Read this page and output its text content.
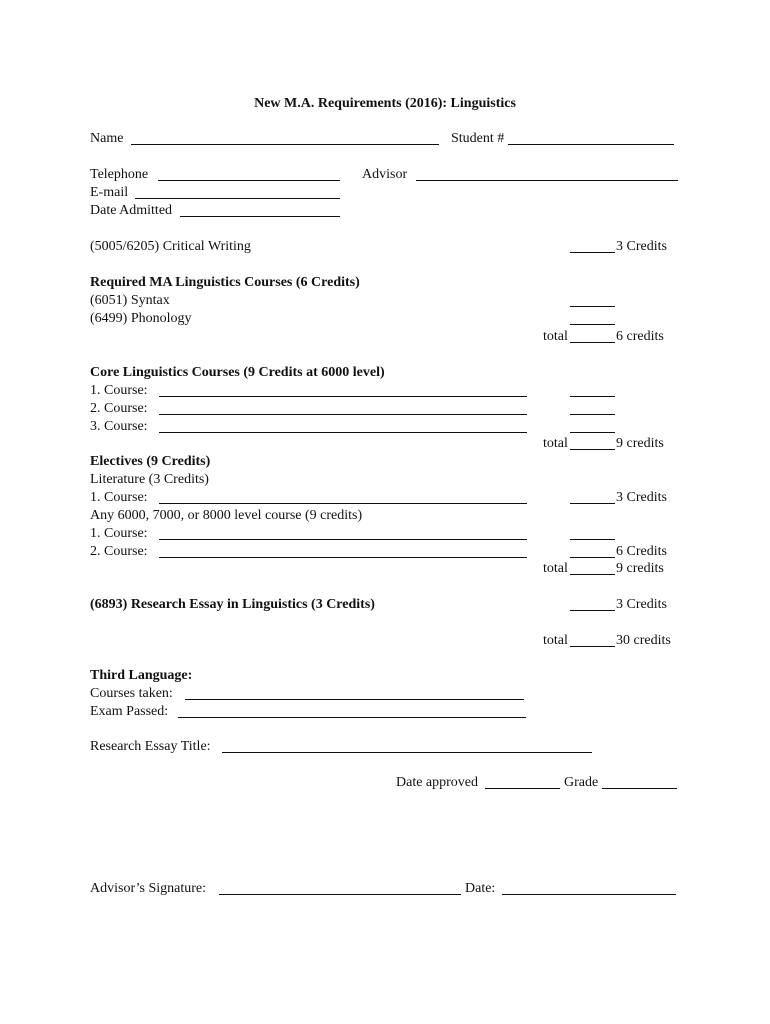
New M.A. Requirements (2016): Linguistics
Name	Student #
Telephone	Advisor
E-mail
Date Admitted
(5005/6205) Critical Writing	3 Credits
Required MA Linguistics Courses (6 Credits)
(6051) Syntax
(6499) Phonology
total	6 credits
Core Linguistics Courses (9 Credits at 6000 level)
1. Course:
2. Course:
3. Course:
total	9 credits
Electives (9 Credits)
Literature (3 Credits)
1. Course:	3 Credits
Any 6000, 7000, or 8000 level course (9 credits)
1. Course:
2. Course:	6 Credits
total	9 credits
(6893) Research Essay in Linguistics (3 Credits)	3 Credits
total	30 credits
Third Language:
Courses taken:
Exam Passed:
Research Essay Title:
Date approved	Grade
Advisor’s Signature:	Date:
